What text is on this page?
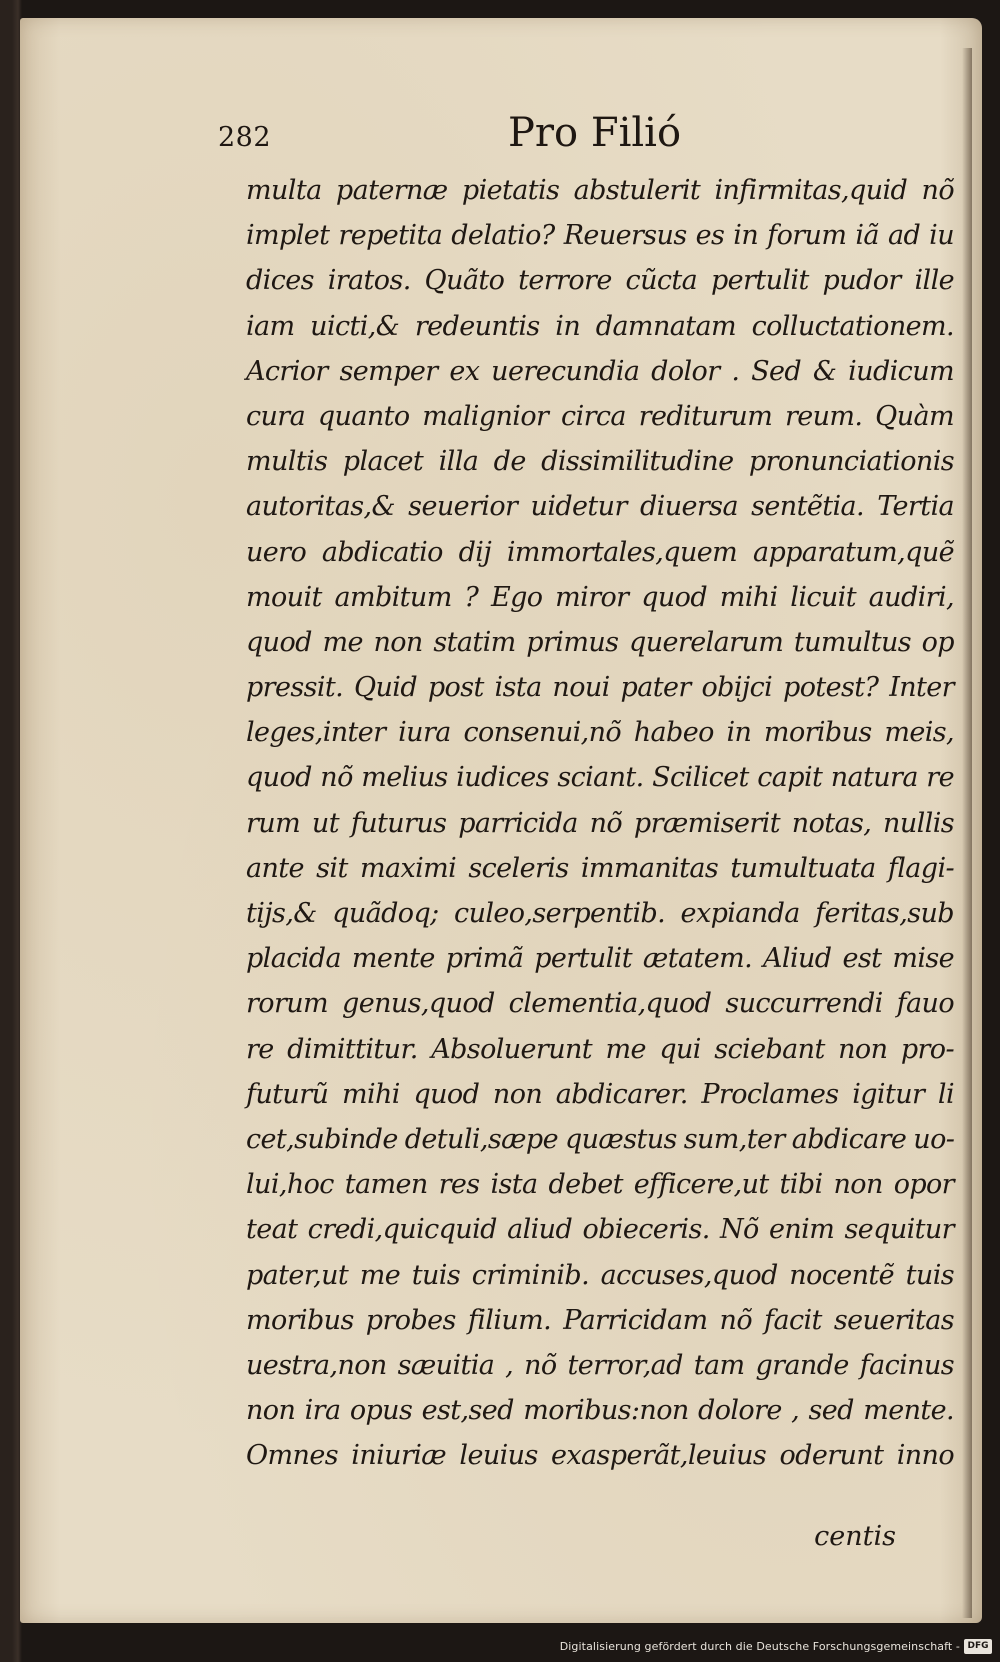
282	Pro Filió
multa paternæ pietatis abstulerit infirmitas,quid nõ
implet repetita delatio? Reuersus es in forum iã ad iu
dices iratos. Quãto terrore cũcta pertulit pudor ille
iam uicti,& redeuntis in damnatam colluctationem.
Acrior semper ex uerecundia dolor . Sed & iudicum
cura quanto malignior circa rediturum reum. Quàm
multis placet illa de dissimilitudine pronunciationis
autoritas,& seuerior uidetur diuersa sentẽtia. Tertia
uero abdicatio dij immortales,quem apparatum,quẽ
mouit ambitum ? Ego miror quod mihi licuit audiri,
quod me non statim primus querelarum tumultus op
pressit. Quid post ista noui pater obijci potest? Inter
leges,inter iura consenui,nõ habeo in moribus meis,
quod nõ melius iudices sciant. Scilicet capit natura re
rum ut futurus parricida nõ præmiserit notas, nullis
ante sit maximi sceleris immanitas tumultuata flagi-
tijs,& quãdoq; culeo,serpentib. expianda feritas,sub
placida mente primã pertulit ætatem. Aliud est mise
rorum genus,quod clementia,quod succurrendi fauo
re dimittitur. Absoluerunt me qui sciebant non pro-
futurũ mihi quod non abdicarer. Proclames igitur li
cet,subinde detuli,sæpe quæstus sum,ter abdicare uo-
lui,hoc tamen res ista debet efficere,ut tibi non opor
teat credi,quicquid aliud obieceris. Nõ enim sequitur
pater,ut me tuis criminib. accuses,quod nocentẽ tuis
moribus probes filium. Parricidam nõ facit seueritas
uestra,non sæuitia , nõ terror,ad tam grande facinus
non ira opus est,sed moribus:non dolore , sed mente.
Omnes iniuriæ leuius exasperãt,leuius oderunt inno
centis
Digitalisierung gefördert durch die Deutsche Forschungsgemeinschaft - DFG
